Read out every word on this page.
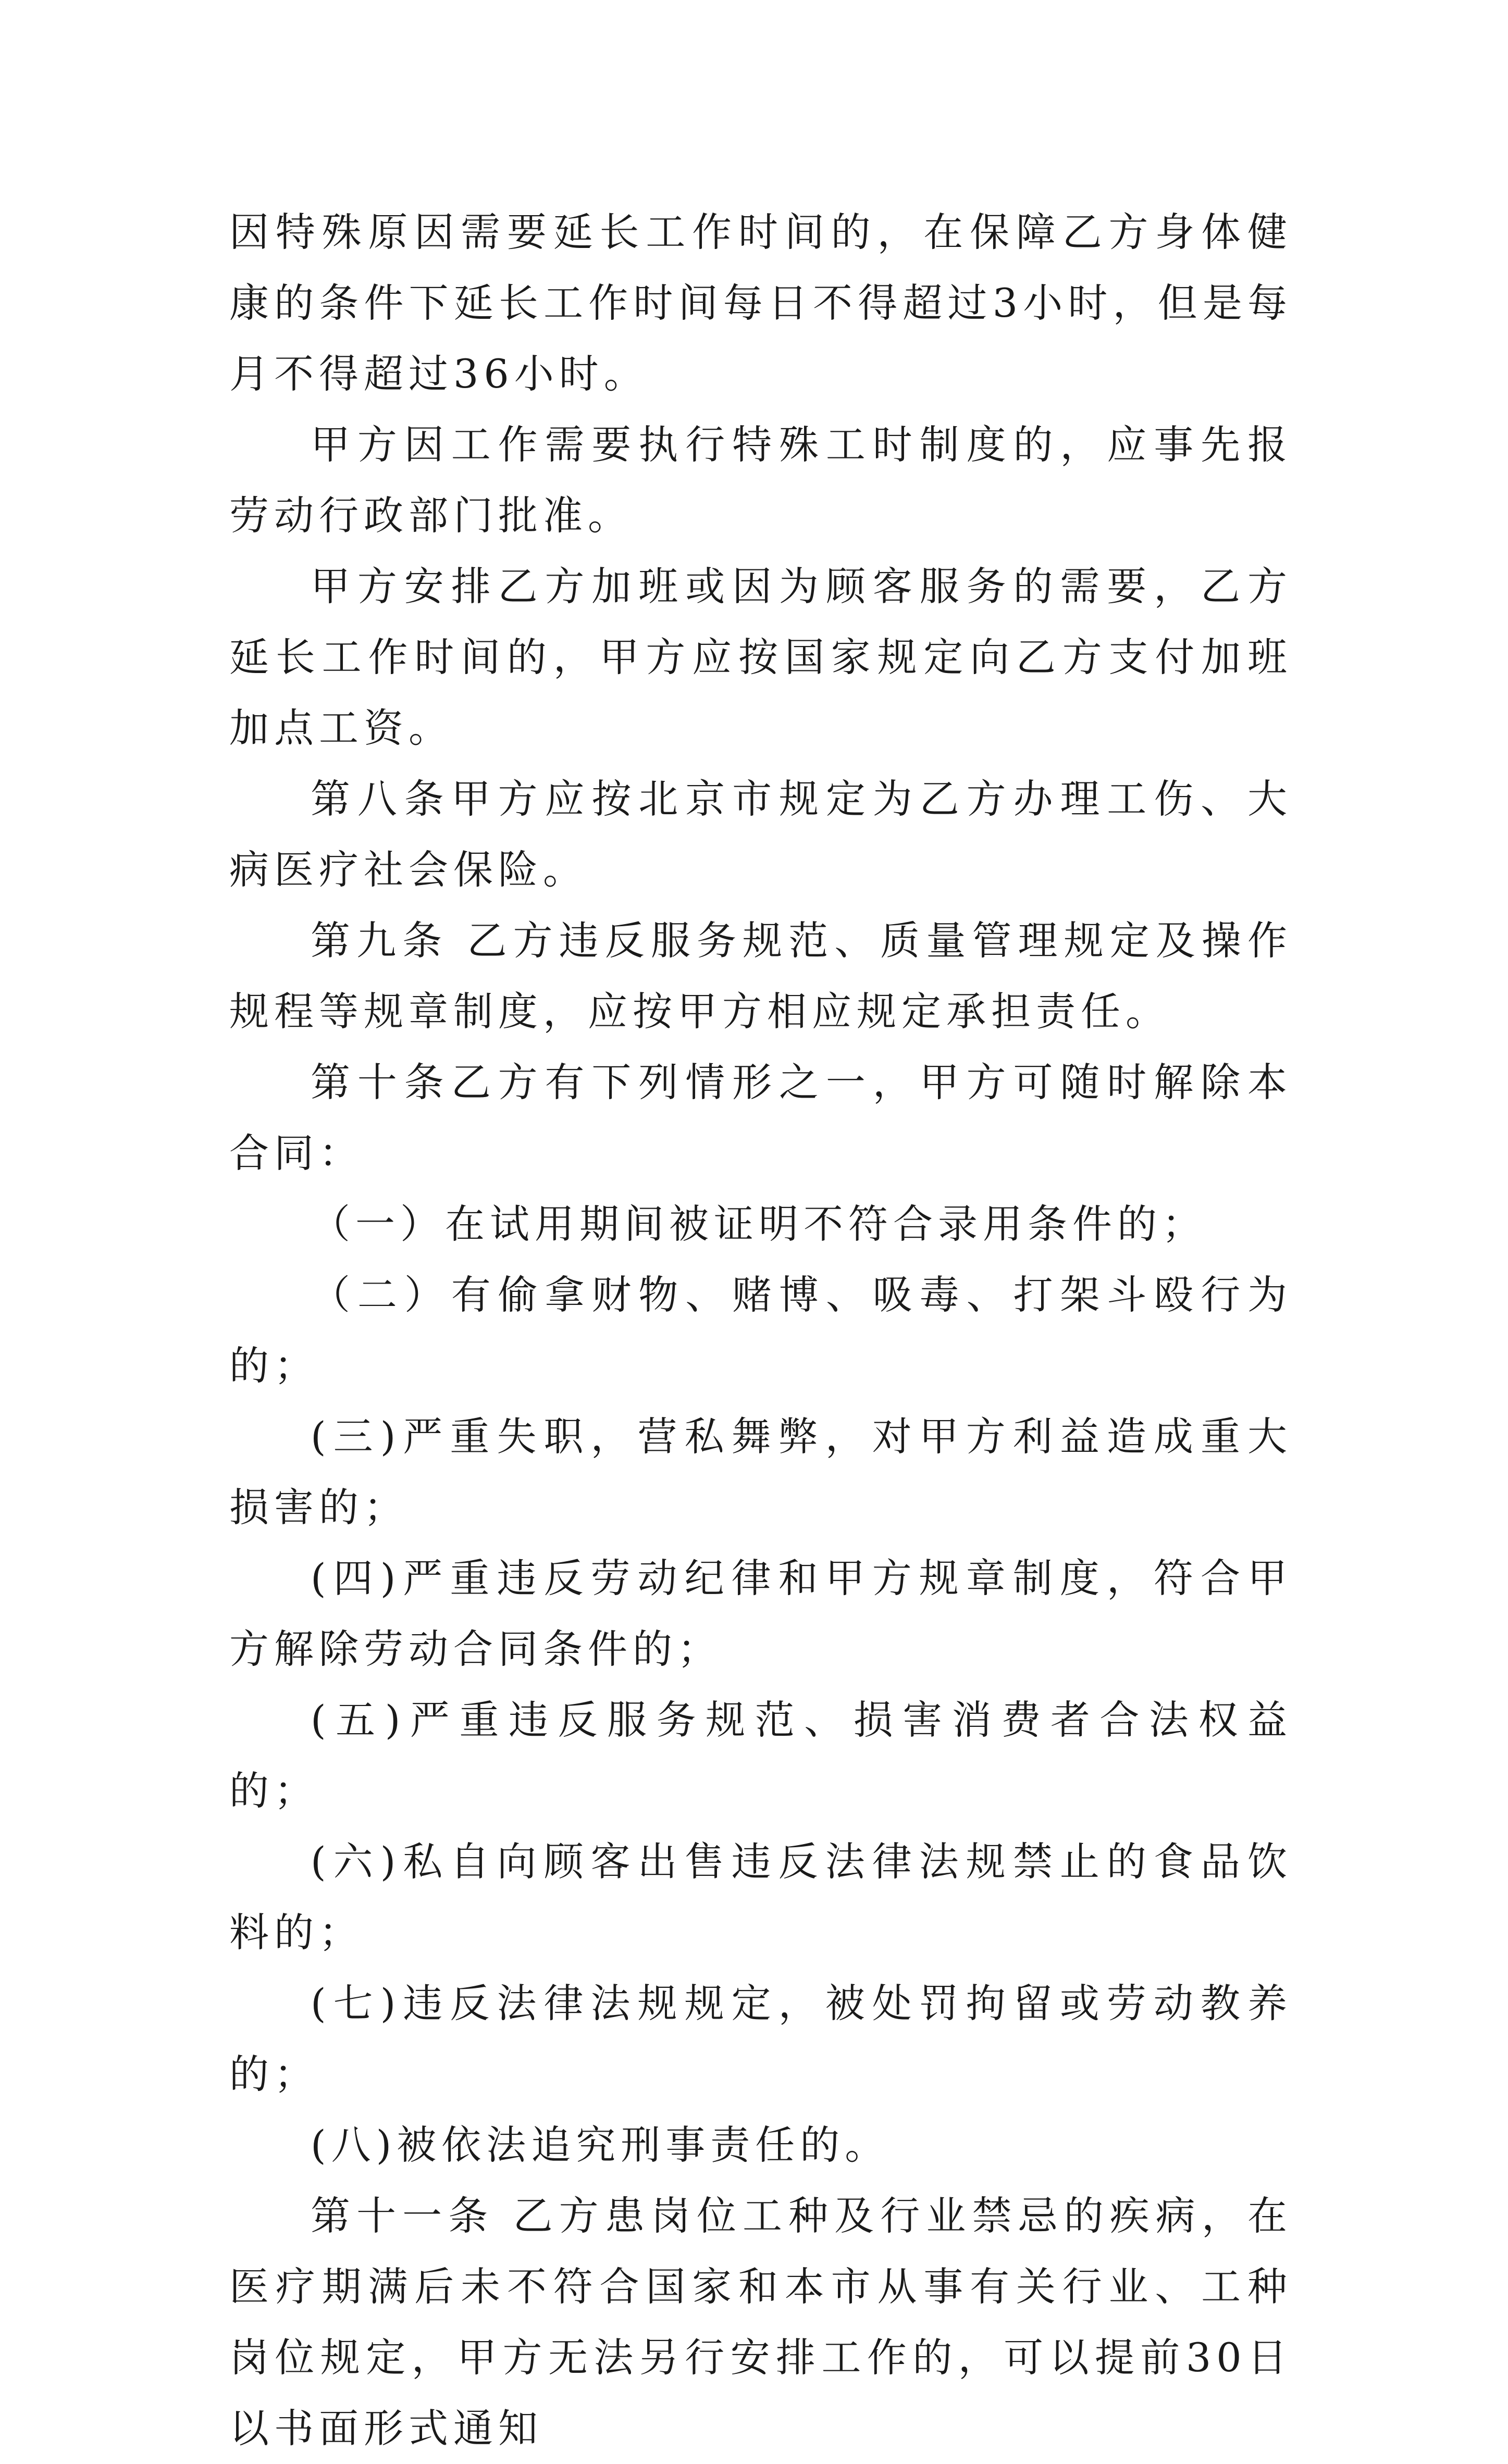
因特殊原因需要延长工作时间的，在保障乙方身体健康的条件下延长工作时间每日不得超过3小时，但是每月不得超过36小时。

甲方因工作需要执行特殊工时制度的，应事先报劳动行政部门批准。

甲方安排乙方加班或因为顾客服务的需要，乙方延长工作时间的，甲方应按国家规定向乙方支付加班加点工资。

第八条甲方应按北京市规定为乙方办理工伤、大病医疗社会保险。

第九条 乙方违反服务规范、质量管理规定及操作规程等规章制度，应按甲方相应规定承担责任。

第十条乙方有下列情形之一，甲方可随时解除本合同：

（一）在试用期间被证明不符合录用条件的；

（二）有偷拿财物、赌博、吸毒、打架斗殴行为的；

(三)严重失职，营私舞弊，对甲方利益造成重大损害的；

(四)严重违反劳动纪律和甲方规章制度，符合甲方解除劳动合同条件的；

(五)严重违反服务规范、损害消费者合法权益的；

(六)私自向顾客出售违反法律法规禁止的食品饮料的；

(七)违反法律法规规定，被处罚拘留或劳动教养的；

(八)被依法追究刑事责任的。

第十一条 乙方患岗位工种及行业禁忌的疾病，在医疗期满后未不符合国家和本市从事有关行业、工种岗位规定，甲方无法另行安排工作的，可以提前30日以书面形式通知
